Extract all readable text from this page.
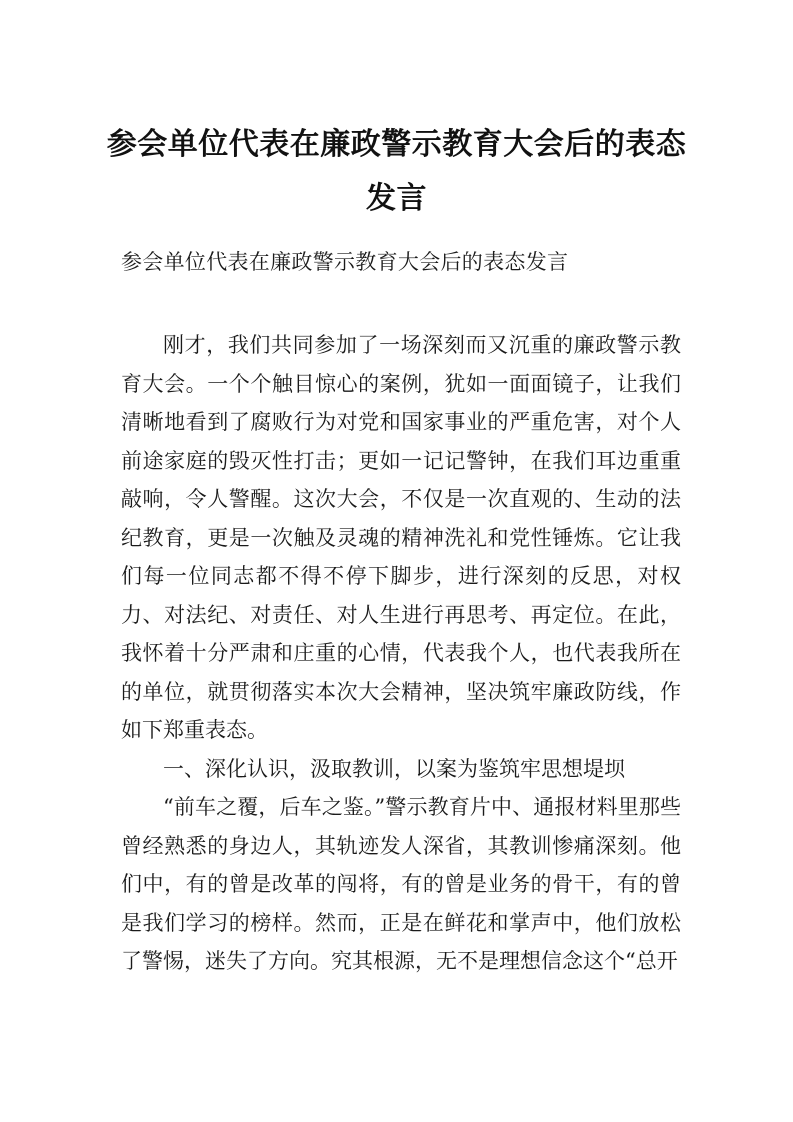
参会单位代表在廉政警示教育大会后的表态发言
参会单位代表在廉政警示教育大会后的表态发言

刚才，我们共同参加了一场深刻而又沉重的廉政警示教育大会。一个个触目惊心的案例，犹如一面面镜子，让我们清晰地看到了腐败行为对党和国家事业的严重危害，对个人前途家庭的毁灭性打击；更如一记记警钟，在我们耳边重重敲响，令人警醒。这次大会，不仅是一次直观的、生动的法纪教育，更是一次触及灵魂的精神洗礼和党性锤炼。它让我们每一位同志都不得不停下脚步，进行深刻的反思，对权力、对法纪、对责任、对人生进行再思考、再定位。在此，我怀着十分严肃和庄重的心情，代表我个人，也代表我所在的单位，就贯彻落实本次大会精神，坚决筑牢廉政防线，作如下郑重表态。

一、深化认识，汲取教训，以案为鉴筑牢思想堤坝

“前车之覆，后车之鉴。”警示教育片中、通报材料里那些曾经熟悉的身边人，其轨迹发人深省，其教训惨痛深刻。他们中，有的曾是改革的闯将，有的曾是业务的骨干，有的曾是我们学习的榜样。然而，正是在鲜花和掌声中，他们放松了警惕，迷失了方向。究其根源，无不是理想信念这个“总开
